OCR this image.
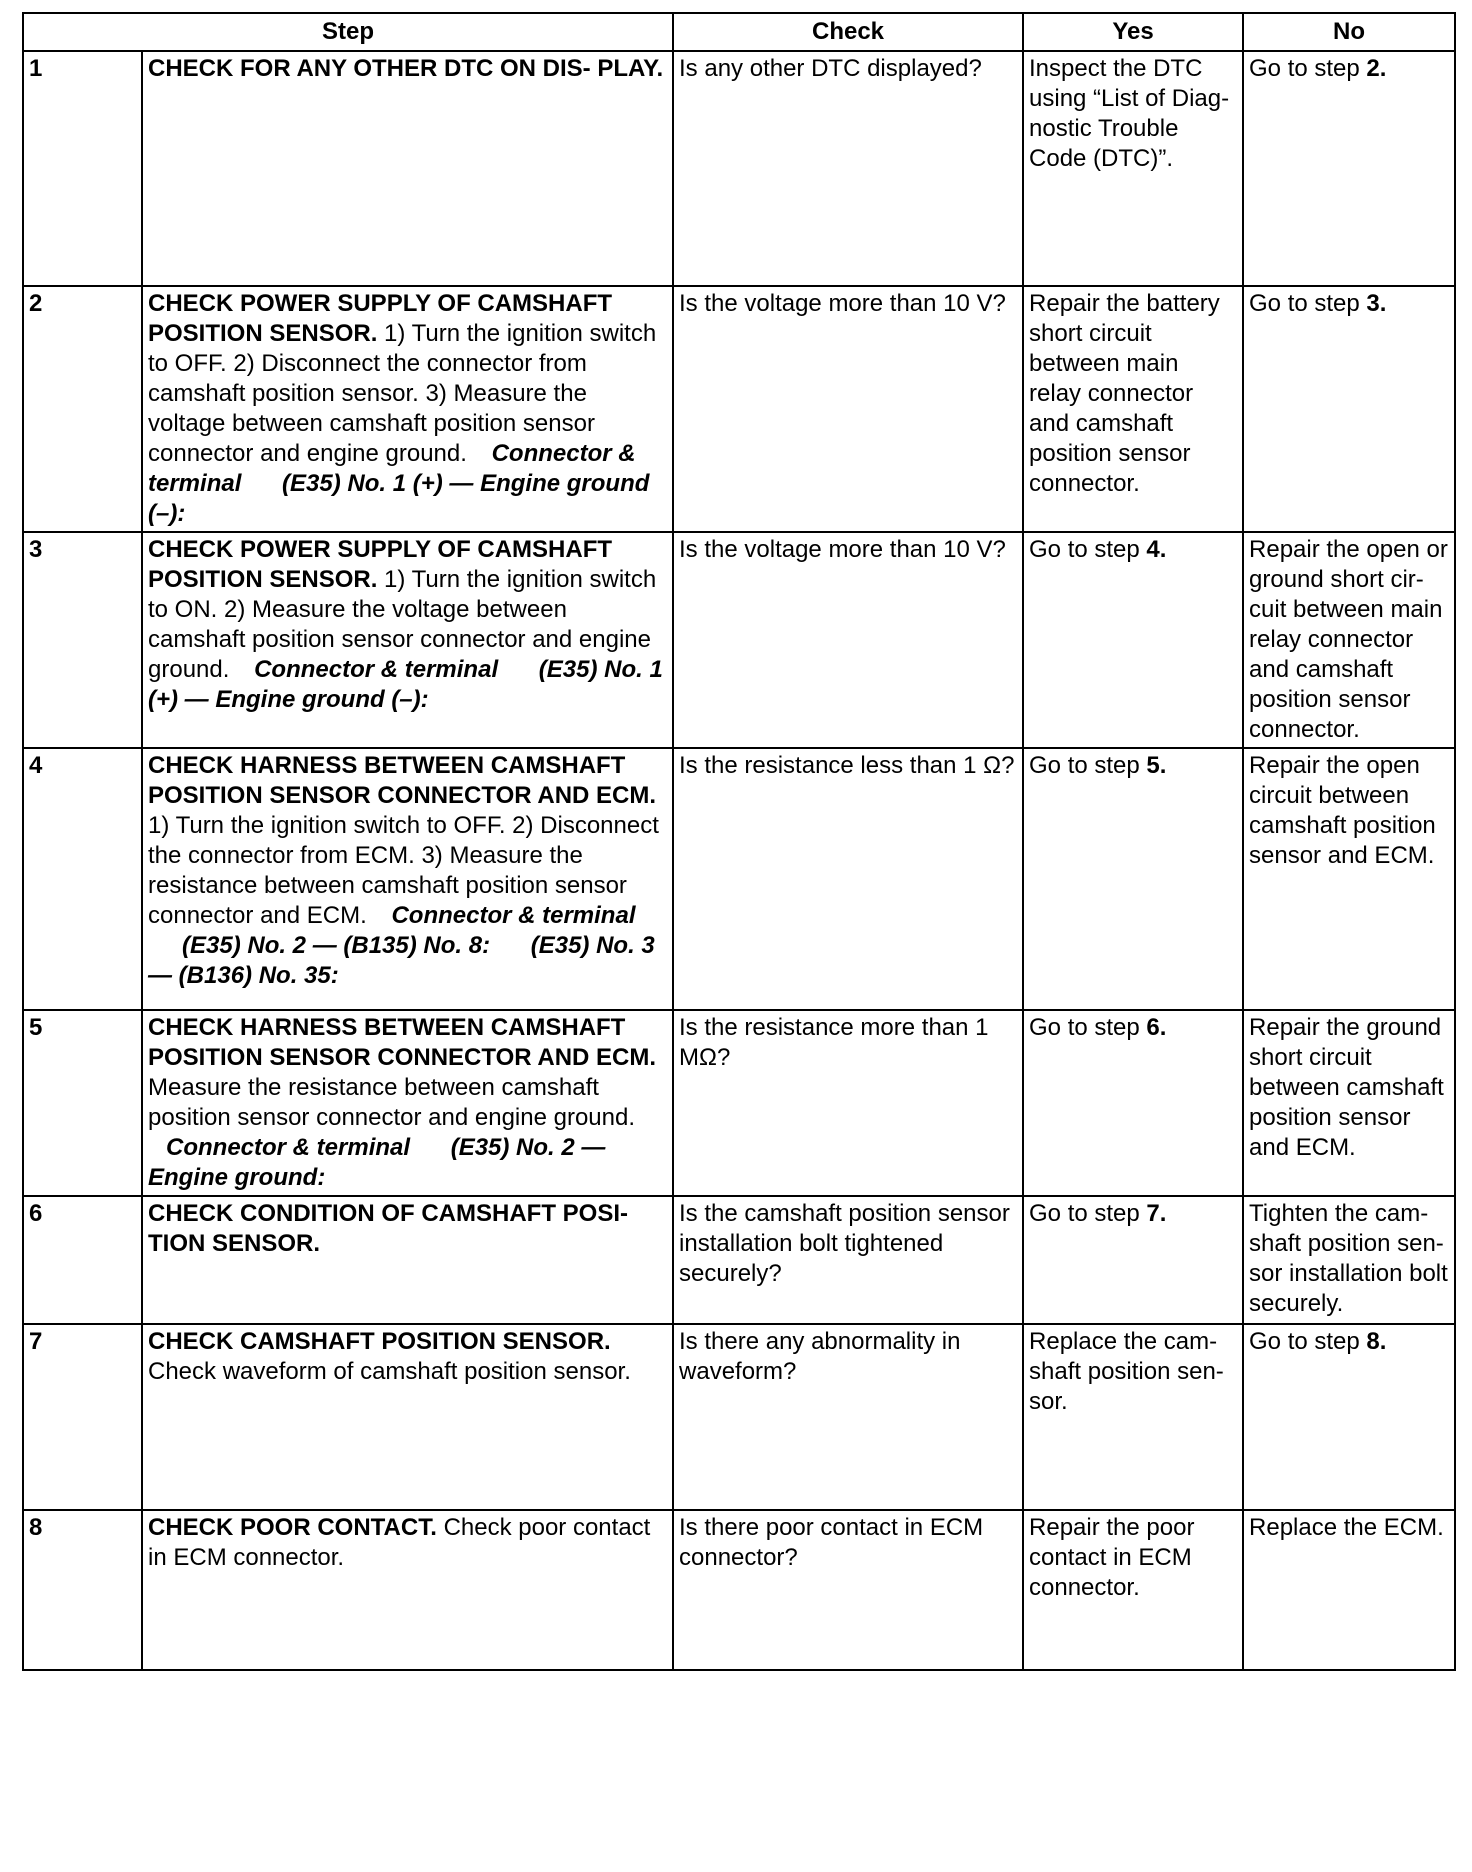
Step		Check	Yes	No
1	CHECK FOR ANY OTHER DTC ON DIS- PLAY.	Is any other DTC displayed?	Inspect the DTC using “List of Diag-nostic Trouble Code (DTC)”.	Go to step 2.
2	CHECK POWER SUPPLY OF CAMSHAFT POSITION SENSOR. 1) Turn the ignition switch to OFF. 2) Disconnect the connector from camshaft position sensor. 3) Measure the voltage between camshaft position sensor connector and engine ground. Connector & terminal (E35) No. 1 (+) — Engine ground (–):	Is the voltage more than 10 V?	Repair the battery short circuit between main relay connector and camshaft position sensor connector.	Go to step 3.
3	CHECK POWER SUPPLY OF CAMSHAFT POSITION SENSOR. 1) Turn the ignition switch to ON. 2) Measure the voltage between camshaft position sensor connector and engine ground. Connector & terminal (E35) No. 1 (+) — Engine ground (–):	Is the voltage more than 10 V?	Go to step 4.	Repair the open or ground short cir-cuit between main relay connector and camshaft position sensor connector.
4	CHECK HARNESS BETWEEN CAMSHAFT POSITION SENSOR CONNECTOR AND ECM. 1) Turn the ignition switch to OFF. 2) Disconnect the connector from ECM. 3) Measure the resistance between camshaft position sensor connector and ECM. Connector & terminal (E35) No. 2 — (B135) No. 8: (E35) No. 3 — (B136) No. 35:	Is the resistance less than 1 Ω?	Go to step 5.	Repair the open circuit between camshaft position sensor and ECM.
5	CHECK HARNESS BETWEEN CAMSHAFT POSITION SENSOR CONNECTOR AND ECM. Measure the resistance between camshaft position sensor connector and engine ground. Connector & terminal (E35) No. 2 — Engine ground:	Is the resistance more than 1 MΩ?	Go to step 6.	Repair the ground short circuit between camshaft position sensor and ECM.
6	CHECK CONDITION OF CAMSHAFT POSI- TION SENSOR.	Is the camshaft position sensor installation bolt tightened securely?	Go to step 7.	Tighten the cam-shaft position sen-sor installation bolt securely.
7	CHECK CAMSHAFT POSITION SENSOR. Check waveform of camshaft position sensor.	Is there any abnormality in waveform?	Replace the cam-shaft position sen-sor.	Go to step 8.
8	CHECK POOR CONTACT. Check poor contact in ECM connector.	Is there poor contact in ECM connector?	Repair the poor contact in ECM connector.	Replace the ECM.
